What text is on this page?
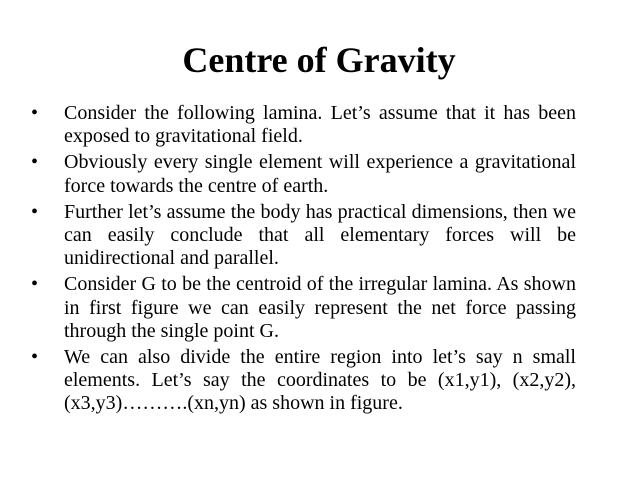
Centre of Gravity
• Consider the following lamina. Let’s assume that it has been exposed to gravitational field.
• Obviously every single element will experience a gravitational force towards the centre of earth.
• Further let’s assume the body has practical dimensions, then we can easily conclude that all elementary forces will be unidirectional and parallel.
• Consider G to be the centroid of the irregular lamina. As shown in first figure we can easily represent the net force passing through the single point G.
• We can also divide the entire region into let’s say n small elements. Let’s say the coordinates to be (x1,y1), (x2,y2), (x3,y3)……….(xn,yn) as shown in figure.
